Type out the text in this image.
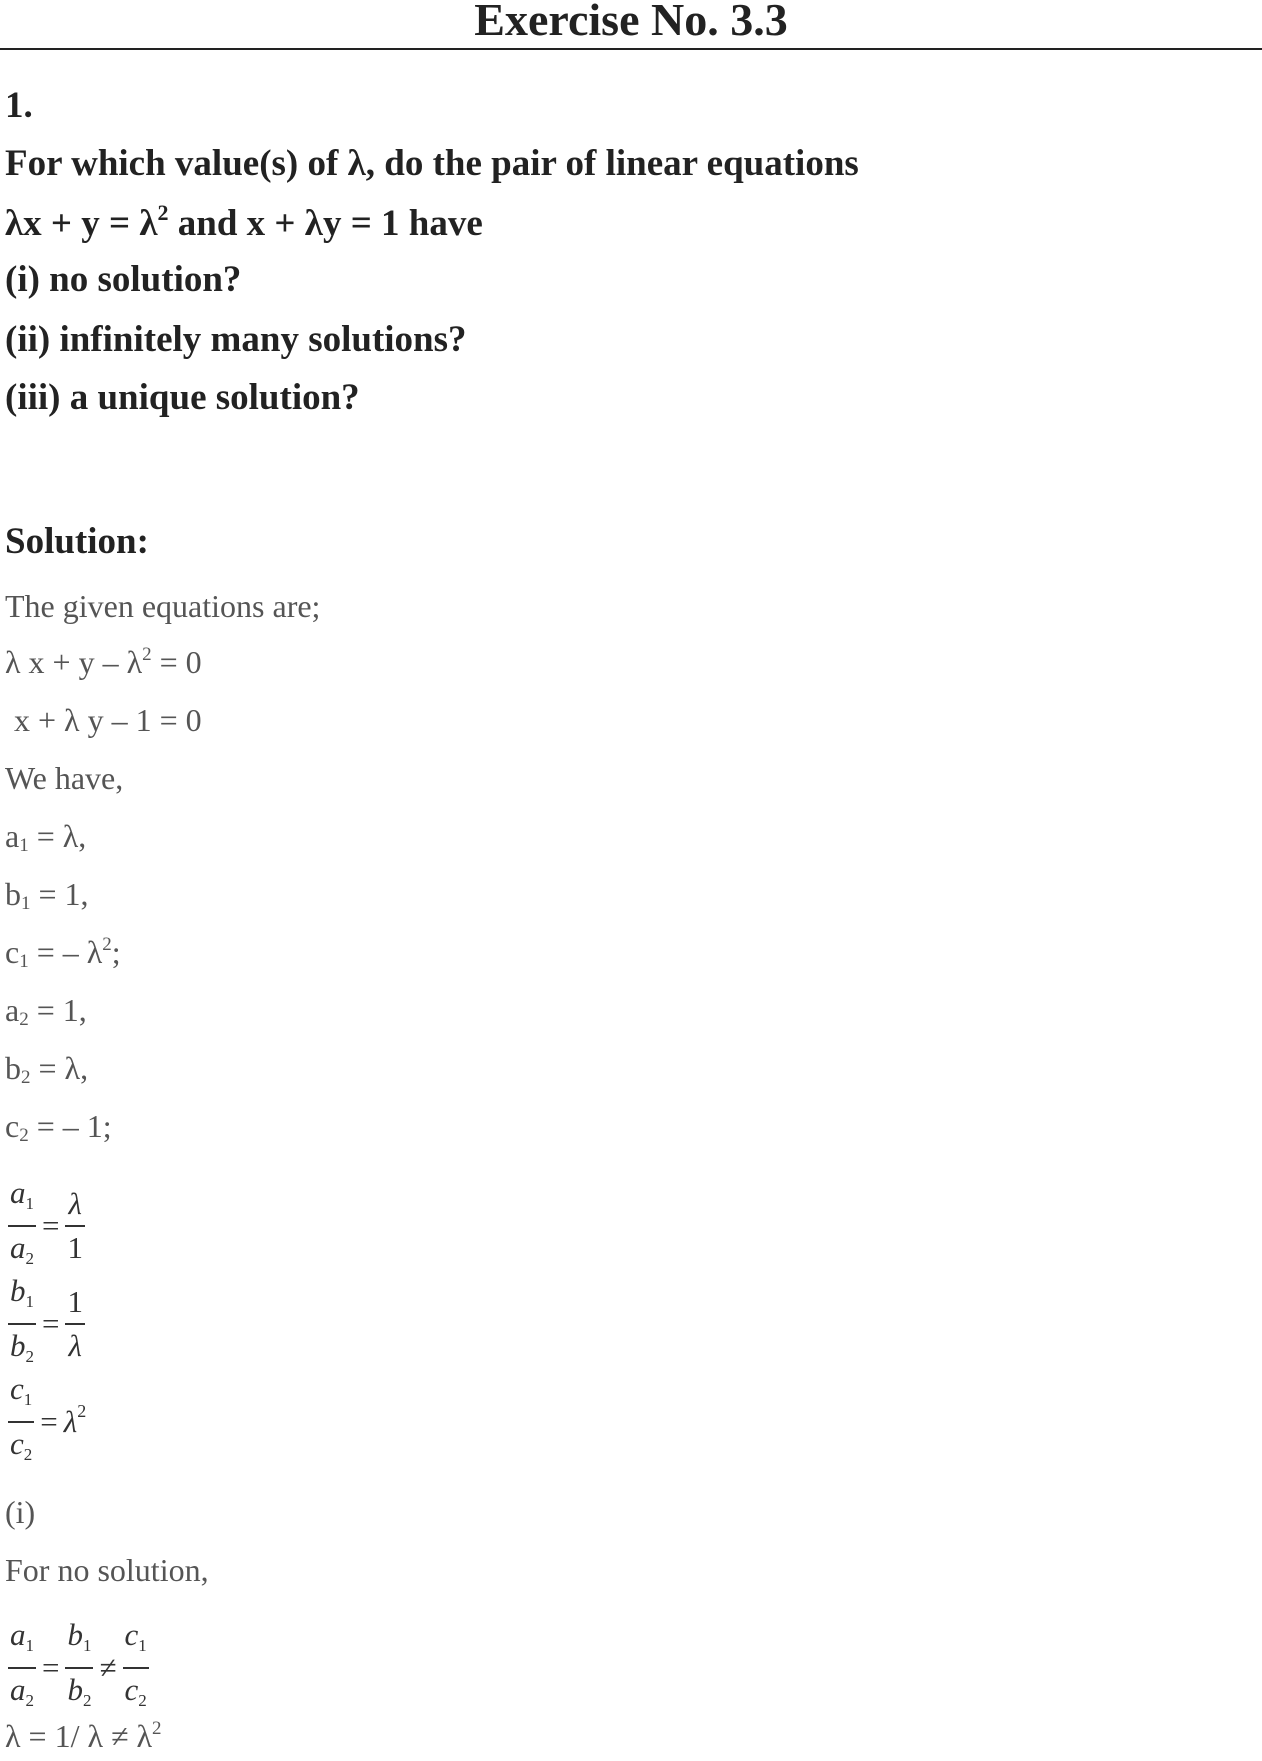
Exercise No. 3.3
1.
For which value(s) of λ, do the pair of linear equations
$\lambda x + y = \lambda^2$ and x + λy = 1 have
(i) no solution?
(ii) infinitely many solutions?
(iii) a unique solution?
Solution:
The given equations are;
λ $x + y - \lambda^2 = 0$
x + λ y – 1 = 0
We have,
$a_1 = \lambda$,
$b_1 = 1$,
$c_1$ = – $\lambda^2$;
$a_2 = 1$,
$b_2 = \lambda$,
$c_2$ = – 1;
$\frac{a_1}{a_2} = \frac{\lambda}{1}$
$\frac{b_1}{b_2} = \frac{1}{\lambda}$
$\frac{c_1}{c_2} = \lambda^2$
(i)
For no solution,
$\frac{a_1}{a_2} = \frac{b_1}{b_2} \ne \frac{c_1}{c_2}$
λ = 1/ $\lambda \ne \lambda^2$
